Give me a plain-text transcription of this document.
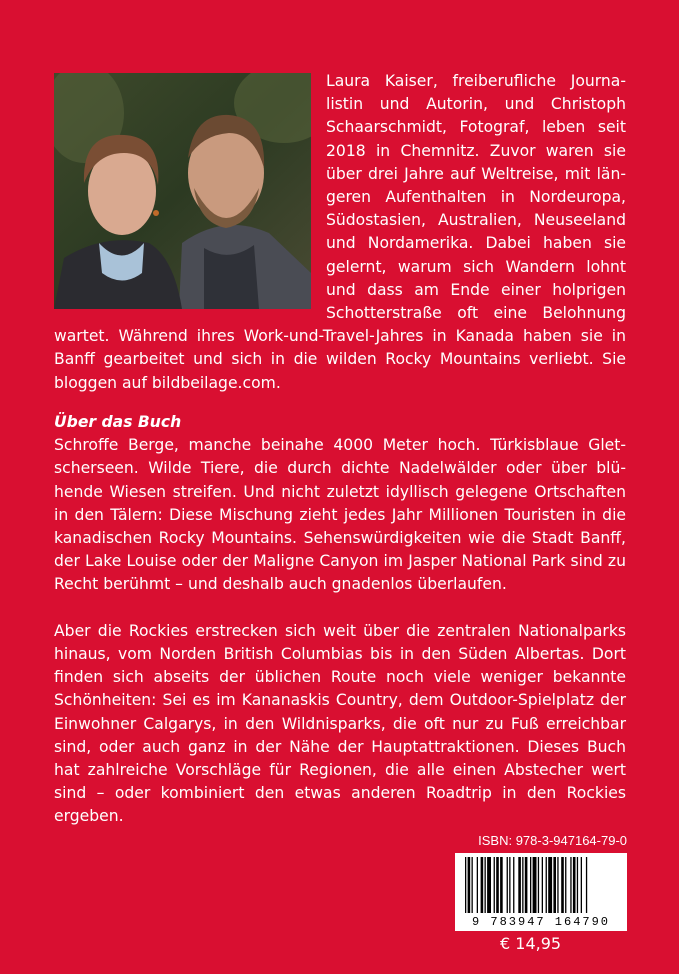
Laura Kaiser, freiberufliche Journalistin und Autorin, und Christoph Schaarschmidt, Fotograf, leben seit 2018 in Chemnitz. Zuvor waren sie über drei Jahre auf Weltreise, mit längeren Aufenthalten in Nordeuropa, Südostasien, Australien, Neuseeland und Nordamerika. Dabei haben sie gelernt, warum sich Wandern lohnt und dass am Ende einer holprigen Schotterstraße oft eine Belohnung wartet. Während ihres Work-und-Travel-Jahres in Kanada haben sie in Banff gearbeitet und sich in die wilden Rocky Mountains verliebt. Sie bloggen auf bildbeilage.com.

Über das Buch

Schroffe Berge, manche beinahe 4000 Meter hoch. Türkisblaue Gletscherseen. Wilde Tiere, die durch dichte Nadelwälder oder über blühende Wiesen streifen. Und nicht zuletzt idyllisch gelegene Ortschaften in den Tälern: Diese Mischung zieht jedes Jahr Millionen Touristen in die kanadischen Rocky Mountains. Sehenswürdigkeiten wie die Stadt Banff, der Lake Louise oder der Maligne Canyon im Jasper National Park sind zu Recht berühmt – und deshalb auch gnadenlos überlaufen.

Aber die Rockies erstrecken sich weit über die zentralen Nationalparks hinaus, vom Norden British Columbias bis in den Süden Albertas. Dort finden sich abseits der üblichen Route noch viele weniger bekannte Schönheiten: Sei es im Kananaskis Country, dem Outdoor-Spielplatz der Einwohner Calgarys, in den Wildnisparks, die oft nur zu Fuß erreichbar sind, oder auch ganz in der Nähe der Hauptattraktionen. Dieses Buch hat zahlreiche Vorschläge für Regionen, die alle einen Abstecher wert sind – oder kombiniert den etwas anderen Roadtrip in den Rockies ergeben.

ISBN: 978-3-947164-79-0
9 783947 164790
€ 14,95
